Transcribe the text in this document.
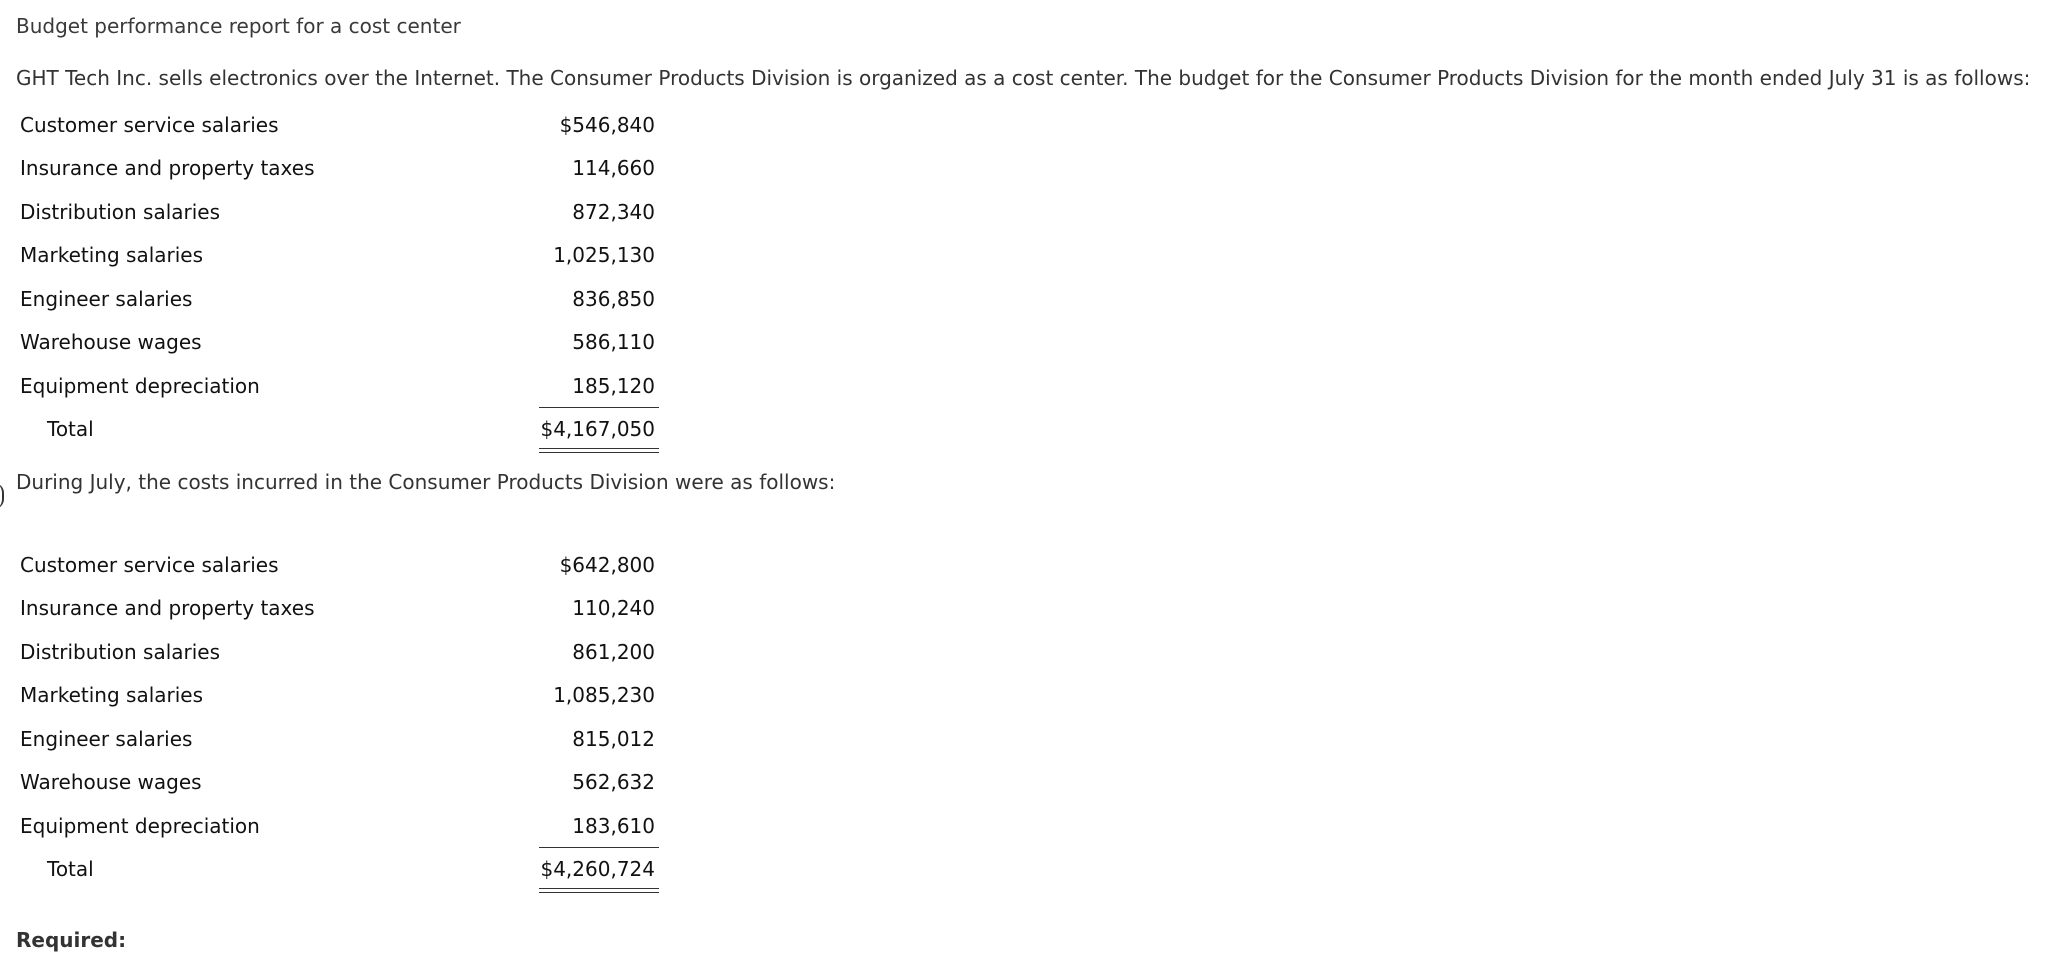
Budget performance report for a cost center
GHT Tech Inc. sells electronics over the Internet. The Consumer Products Division is organized as a cost center. The budget for the Consumer Products Division for the month ended July 31 is as follows:
Customer service salaries	$546,840
Insurance and property taxes	114,660
Distribution salaries	872,340
Marketing salaries	1,025,130
Engineer salaries	836,850
Warehouse wages	586,110
Equipment depreciation	185,120
Total	$4,167,050
During July, the costs incurred in the Consumer Products Division were as follows:
Customer service salaries	$642,800
Insurance and property taxes	110,240
Distribution salaries	861,200
Marketing salaries	1,085,230
Engineer salaries	815,012
Warehouse wages	562,632
Equipment depreciation	183,610
Total	$4,260,724
Required:
